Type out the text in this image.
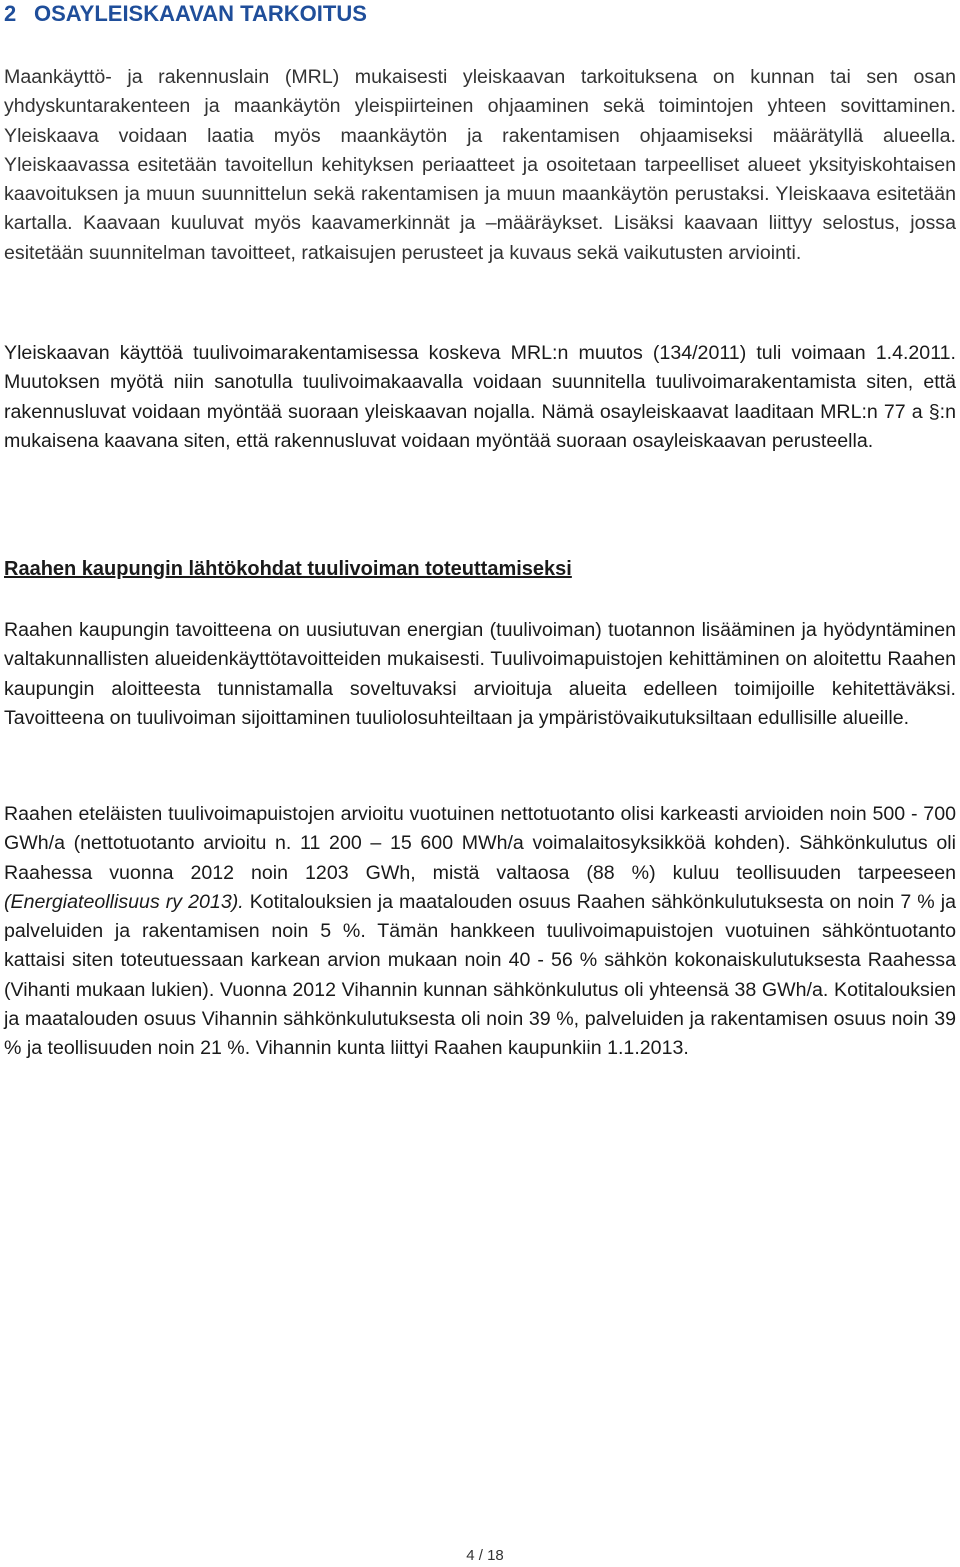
2 OSAYLEISKAAVAN TARKOITUS

Maankäyttö- ja rakennuslain (MRL) mukaisesti yleiskaavan tarkoituksena on kunnan tai sen osan yhdyskuntarakenteen ja maankäytön yleispiirteinen ohjaaminen sekä toimintojen yhteen sovittaminen. Yleiskaava voidaan laatia myös maankäytön ja rakentamisen ohjaamiseksi määrätyllä alueella. Yleiskaavassa esitetään tavoitellun kehityksen periaatteet ja osoitetaan tarpeelliset alueet yksityiskohtaisen kaavoituksen ja muun suunnittelun sekä rakentamisen ja muun maankäytön perustaksi. Yleiskaava esitetään kartalla. Kaavaan kuuluvat myös kaavamerkinnät ja –määräykset. Lisäksi kaavaan liittyy selostus, jossa esitetään suunnitelman tavoitteet, ratkaisujen perusteet ja kuvaus sekä vaikutusten arviointi.

Yleiskaavan käyttöä tuulivoimarakentamisessa koskeva MRL:n muutos (134/2011) tuli voimaan 1.4.2011. Muutoksen myötä niin sanotulla tuulivoimakaavalla voidaan suunnitella tuulivoimarakentamista siten, että rakennusluvat voidaan myöntää suoraan yleiskaavan nojalla. Nämä osayleiskaavat laaditaan MRL:n 77 a §:n mukaisena kaavana siten, että rakennusluvat voidaan myöntää suoraan osayleiskaavan perusteella.

Raahen kaupungin lähtökohdat tuulivoiman toteuttamiseksi

Raahen kaupungin tavoitteena on uusiutuvan energian (tuulivoiman) tuotannon lisääminen ja hyödyntäminen valtakunnallisten alueidenkäyttötavoitteiden mukaisesti. Tuulivoimapuistojen kehittäminen on aloitettu Raahen kaupungin aloitteesta tunnistamalla soveltuvaksi arvioituja alueita edelleen toimijoille kehitettäväksi. Tavoitteena on tuulivoiman sijoittaminen tuuliolosuhteiltaan ja ympäristövaikutuksiltaan edullisille alueille.

Raahen eteläisten tuulivoimapuistojen arvioitu vuotuinen nettotuotanto olisi karkeasti arvioiden noin 500 - 700 GWh/a (nettotuotanto arvioitu n. 11 200 – 15 600 MWh/a voimalaitosyksikköä kohden). Sähkönkulutus oli Raahessa vuonna 2012 noin 1203 GWh, mistä valtaosa (88 %) kuluu teollisuuden tarpeeseen (Energiateollisuus ry 2013). Kotitalouksien ja maatalouden osuus Raahen sähkönkulutuksesta on noin 7 % ja palveluiden ja rakentamisen noin 5 %. Tämän hankkeen tuulivoimapuistojen vuotuinen sähköntuotanto kattaisi siten toteutuessaan karkean arvion mukaan noin 40 - 56 % sähkön kokonaiskulutuksesta Raahessa (Vihanti mukaan lukien). Vuonna 2012 Vihannin kunnan sähkönkulutus oli yhteensä 38 GWh/a. Kotitalouksien ja maatalouden osuus Vihannin sähkönkulutuksesta oli noin 39 %, palveluiden ja rakentamisen osuus noin 39 % ja teollisuuden noin 21 %. Vihannin kunta liittyi Raahen kaupunkiin 1.1.2013.

4 / 18
